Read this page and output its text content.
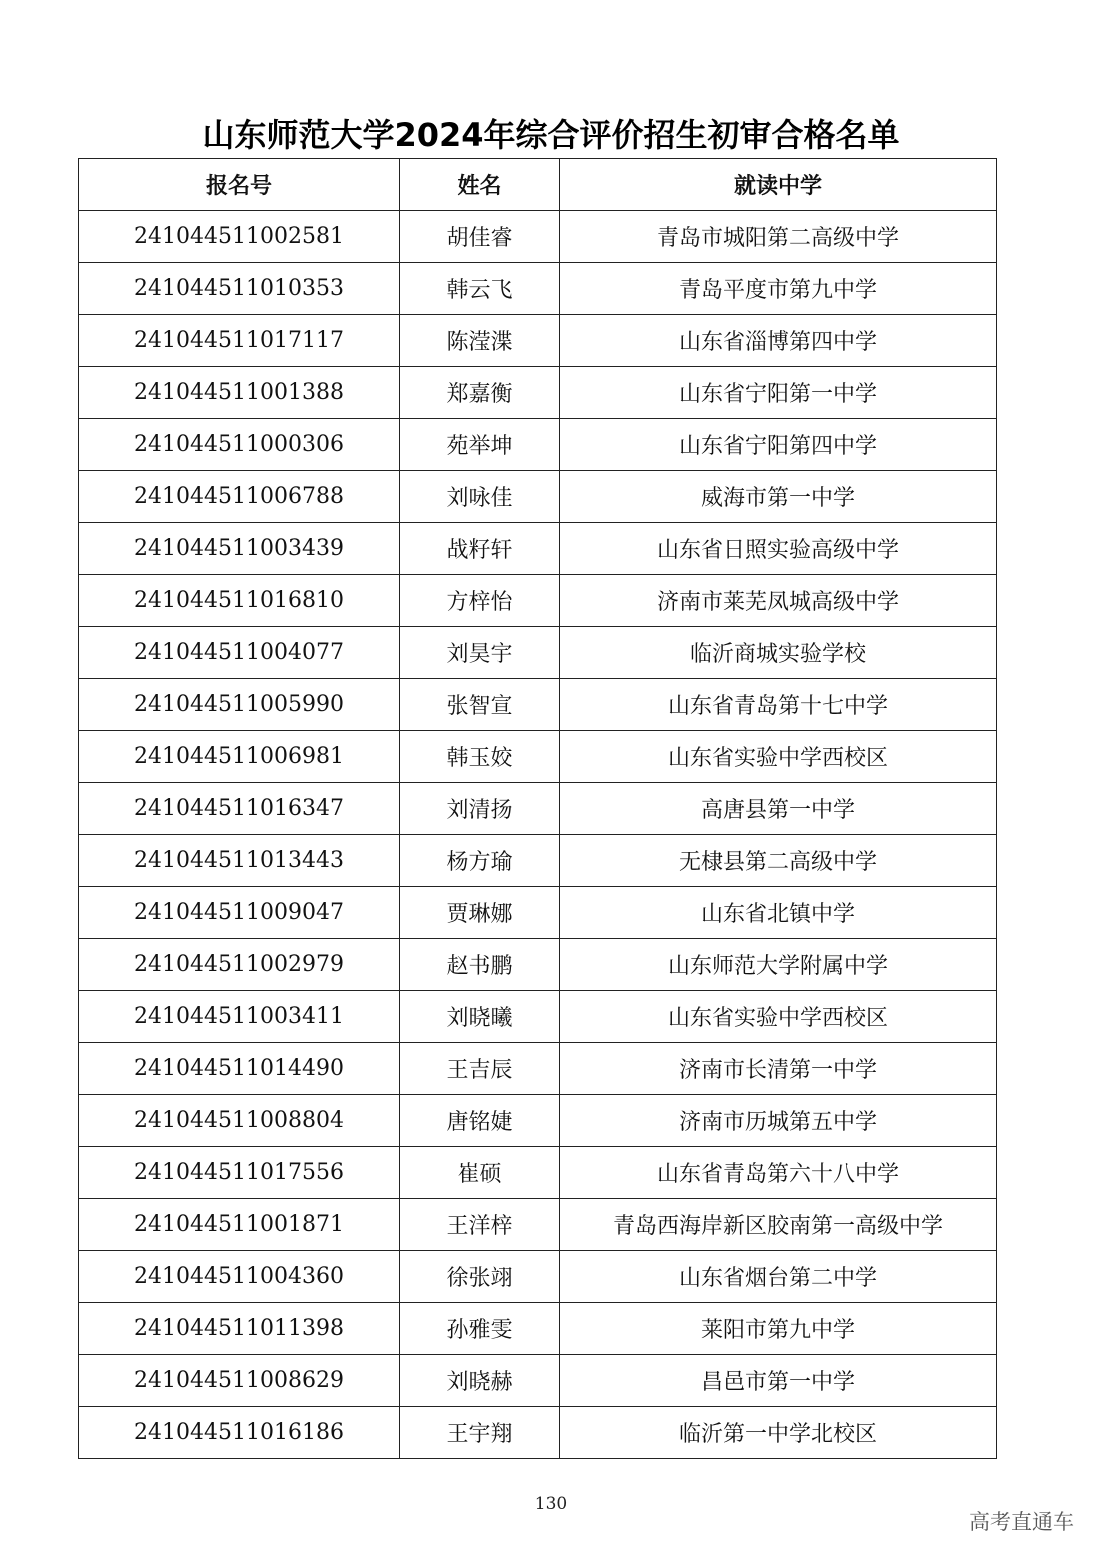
山东师范大学2024年综合评价招生初审合格名单
报名号	姓名	就读中学
241044511002581	胡佳睿	青岛市城阳第二高级中学
241044511010353	韩云飞	青岛平度市第九中学
241044511017117	陈滢渫	山东省淄博第四中学
241044511001388	郑嘉衡	山东省宁阳第一中学
241044511000306	苑举坤	山东省宁阳第四中学
241044511006788	刘咏佳	威海市第一中学
241044511003439	战籽轩	山东省日照实验高级中学
241044511016810	方梓怡	济南市莱芜凤城高级中学
241044511004077	刘昊宇	临沂商城实验学校
241044511005990	张智宣	山东省青岛第十七中学
241044511006981	韩玉姣	山东省实验中学西校区
241044511016347	刘清扬	高唐县第一中学
241044511013443	杨方瑜	无棣县第二高级中学
241044511009047	贾琳娜	山东省北镇中学
241044511002979	赵书鹏	山东师范大学附属中学
241044511003411	刘晓曦	山东省实验中学西校区
241044511014490	王吉辰	济南市长清第一中学
241044511008804	唐铭婕	济南市历城第五中学
241044511017556	崔硕	山东省青岛第六十八中学
241044511001871	王洋梓	青岛西海岸新区胶南第一高级中学
241044511004360	徐张翊	山东省烟台第二中学
241044511011398	孙雅雯	莱阳市第九中学
241044511008629	刘晓赫	昌邑市第一中学
241044511016186	王宇翔	临沂第一中学北校区
130
高考直通车
